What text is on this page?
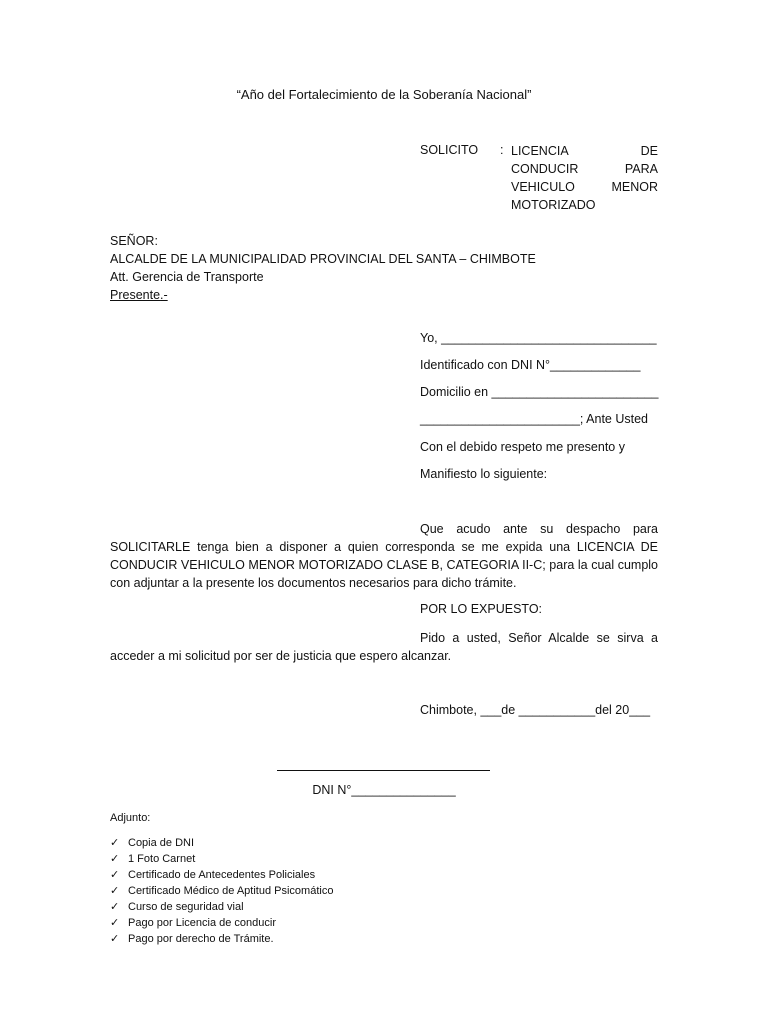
“Año del Fortalecimiento de la Soberanía Nacional”
SOLICITO : LICENCIA DE CONDUCIR PARA VEHICULO MENOR MOTORIZADO
SEÑOR:
ALCALDE DE LA MUNICIPALIDAD PROVINCIAL DEL SANTA – CHIMBOTE
Att. Gerencia de Transporte
Presente.-
Yo, _______________________________
Identificado con DNI N°_____________
Domicilio en ________________________
_______________________; Ante Usted
Con el debido respeto me presento y
Manifiesto lo siguiente:
Que acudo ante su despacho para SOLICITARLE tenga bien a disponer a quien corresponda se me expida una LICENCIA DE CONDUCIR VEHICULO MENOR MOTORIZADO CLASE B, CATEGORIA II-C; para la cual cumplo con adjuntar a la presente los documentos necesarios para dicho trámite.
POR LO EXPUESTO:
Pido a usted, Señor Alcalde se sirva a acceder a mi solicitud por ser de justicia que espero alcanzar.
Chimbote, ___de ___________del 20___
DNI N°_______________
Adjunto:
✓ Copia de DNI
✓ 1 Foto Carnet
✓ Certificado de Antecedentes Policiales
✓ Certificado Médico de Aptitud Psicomático
✓ Curso de seguridad vial
✓ Pago por Licencia de conducir
✓ Pago por derecho de Trámite.
